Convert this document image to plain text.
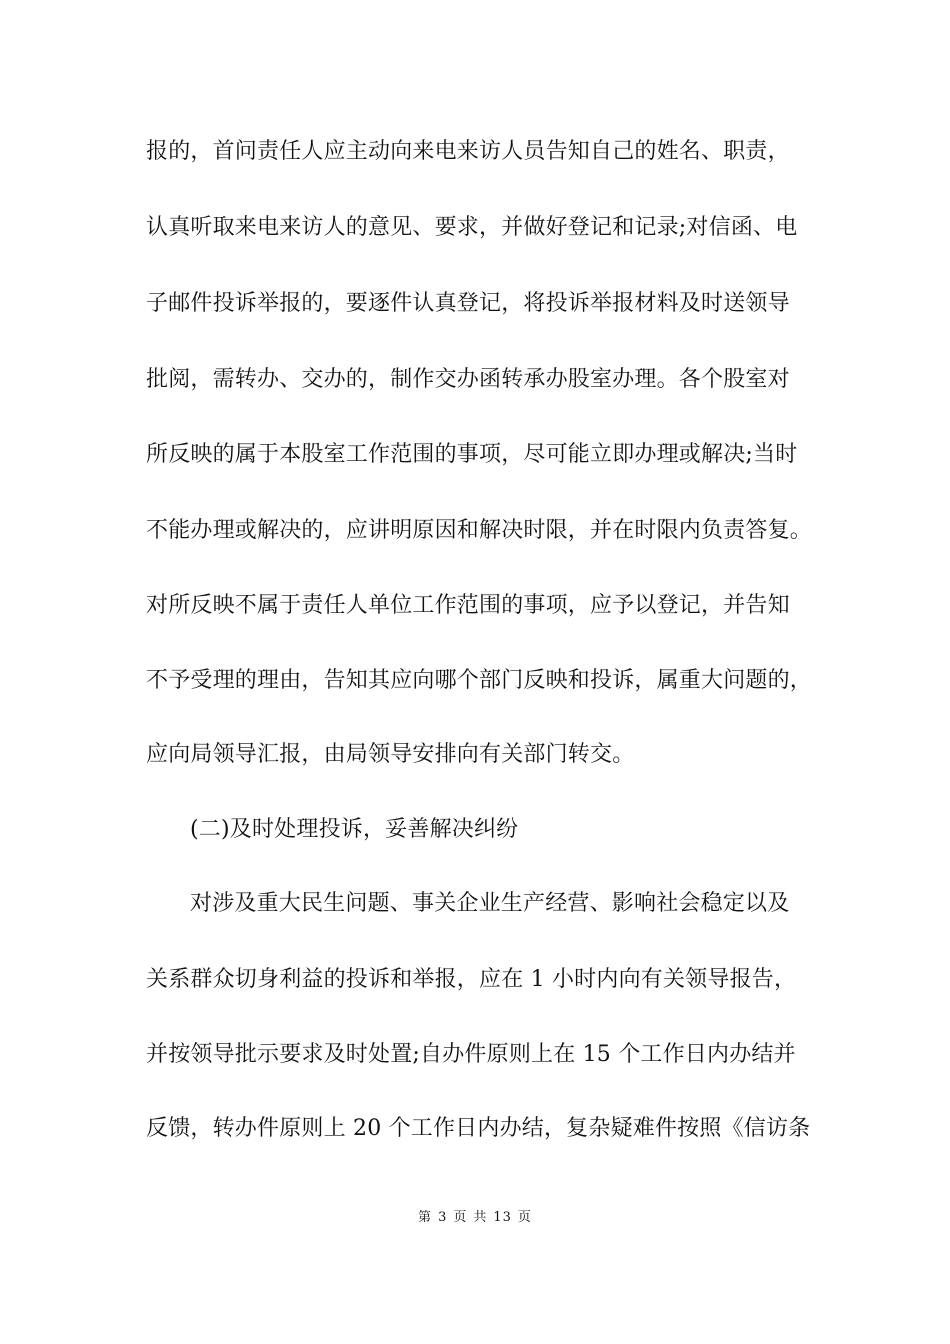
报的，首问责任人应主动向来电来访人员告知自己的姓名、职责，
认真听取来电来访人的意见、要求，并做好登记和记录;对信函、电
子邮件投诉举报的，要逐件认真登记，将投诉举报材料及时送领导
批阅，需转办、交办的，制作交办函转承办股室办理。各个股室对
所反映的属于本股室工作范围的事项，尽可能立即办理或解决;当时
不能办理或解决的，应讲明原因和解决时限，并在时限内负责答复。
对所反映不属于责任人单位工作范围的事项，应予以登记，并告知
不予受理的理由，告知其应向哪个部门反映和投诉，属重大问题的，
应向局领导汇报，由局领导安排向有关部门转交。
(二)及时处理投诉，妥善解决纠纷
对涉及重大民生问题、事关企业生产经营、影响社会稳定以及
关系群众切身利益的投诉和举报，应在 1 小时内向有关领导报告，
并按领导批示要求及时处置;自办件原则上在 15 个工作日内办结并
反馈，转办件原则上 20 个工作日内办结，复杂疑难件按照《信访条
第 3 页 共 13 页
